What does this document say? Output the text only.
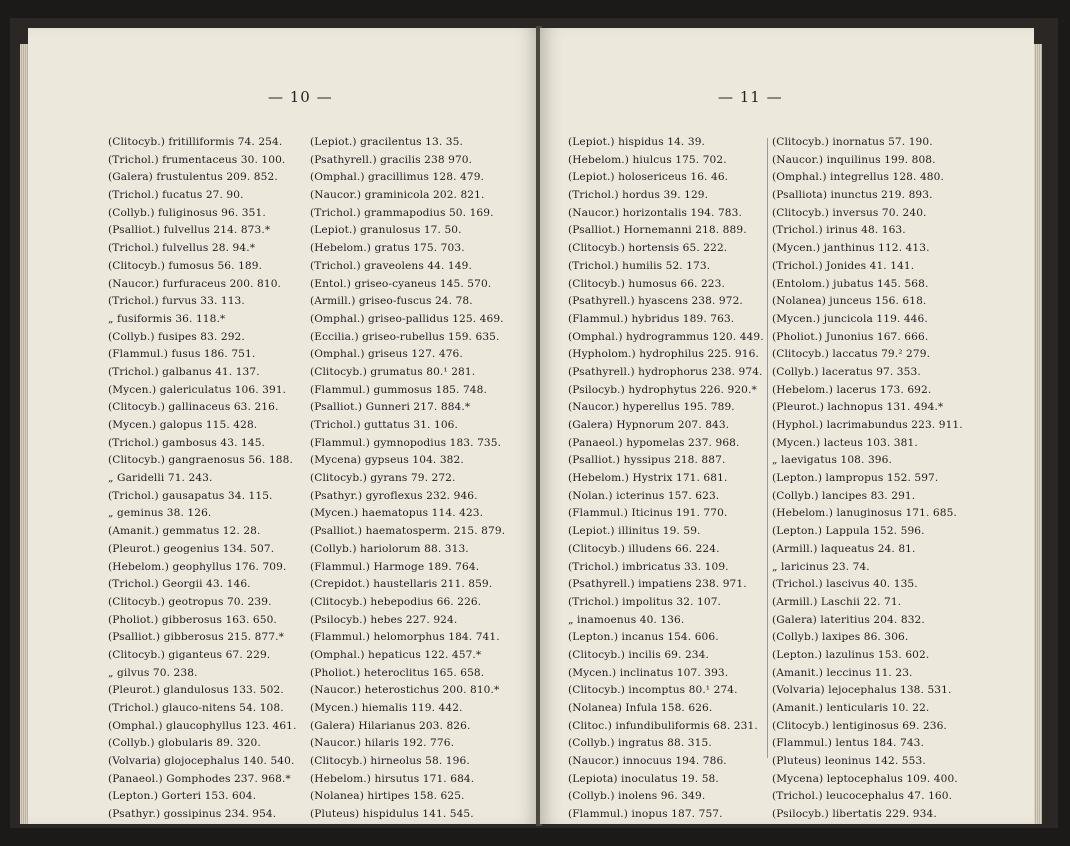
— 10 —
(Clitocyb.) fritilliformis 74. 254.
(Trichol.) frumentaceus 30. 100.
(Galera) frustulentus 209. 852.
(Trichol.) fucatus 27. 90.
(Collyb.) fuliginosus 96. 351.
(Psalliot.) fulvellus 214. 873.*
(Trichol.) fulvellus 28. 94.*
(Clitocyb.) fumosus 56. 189.
(Naucor.) furfuraceus 200. 810.
(Trichol.) furvus 33. 113.
„ fusiformis 36. 118.*
(Collyb.) fusipes 83. 292.
(Flammul.) fusus 186. 751.
(Trichol.) galbanus 41. 137.
(Mycen.) galericulatus 106. 391.
(Clitocyb.) gallinaceus 63. 216.
(Mycen.) galopus 115. 428.
(Trichol.) gambosus 43. 145.
(Clitocyb.) gangraenosus 56. 188.
„ Garidelli 71. 243.
(Trichol.) gausapatus 34. 115.
„ geminus 38. 126.
(Amanit.) gemmatus 12. 28.
(Pleurot.) geogenius 134. 507.
(Hebelom.) geophyllus 176. 709.
(Trichol.) Georgii 43. 146.
(Clitocyb.) geotropus 70. 239.
(Pholiot.) gibberosus 163. 650.
(Psalliot.) gibberosus 215. 877.*
(Clitocyb.) giganteus 67. 229.
„ gilvus 70. 238.
(Pleurot.) glandulosus 133. 502.
(Trichol.) glauco-nitens 54. 108.
(Omphal.) glaucophyllus 123. 461.
(Collyb.) globularis 89. 320.
(Volvaria) glojocephalus 140. 540.
(Panaeol.) Gomphodes 237. 968.*
(Lepton.) Gorteri 153. 604.
(Psathyr.) gossipinus 234. 954.
(Lepiot.) gracilentus 13. 35.
(Psathyrell.) gracilis 238 970.
(Omphal.) gracillimus 128. 479.
(Naucor.) graminicola 202. 821.
(Trichol.) grammapodius 50. 169.
(Lepiot.) granulosus 17. 50.
(Hebelom.) gratus 175. 703.
(Trichol.) graveolens 44. 149.
(Entol.) griseo-cyaneus 145. 570.
(Armill.) griseo-fuscus 24. 78.
(Omphal.) griseo-pallidus 125. 469.
(Eccilia.) griseo-rubellus 159. 635.
(Omphal.) griseus 127. 476.
(Clitocyb.) grumatus 80.¹ 281.
(Flammul.) gummosus 185. 748.
(Psalliot.) Gunneri 217. 884.*
(Trichol.) guttatus 31. 106.
(Flammul.) gymnopodius 183. 735.
(Mycena) gypseus 104. 382.
(Clitocyb.) gyrans 79. 272.
(Psathyr.) gyroflexus 232. 946.
(Mycen.) haematopus 114. 423.
(Psalliot.) haematosperm. 215. 879.
(Collyb.) hariolorum 88. 313.
(Flammul.) Harmoge 189. 764.
(Crepidot.) haustellaris 211. 859.
(Clitocyb.) hebepodius 66. 226.
(Psilocyb.) hebes 227. 924.
(Flammul.) helomorphus 184. 741.
(Omphal.) hepaticus 122. 457.*
(Pholiot.) heteroclitus 165. 658.
(Naucor.) heterostichus 200. 810.*
(Mycen.) hiemalis 119. 442.
(Galera) Hilarianus 203. 826.
(Naucor.) hilaris 192. 776.
(Clitocyb.) hirneolus 58. 196.
(Hebelom.) hirsutus 171. 684.
(Nolanea) hirtipes 158. 625.
(Pluteus) hispidulus 141. 545.
— 11 —
(Lepiot.) hispidus 14. 39.
(Hebelom.) hiulcus 175. 702.
(Lepiot.) holosericeus 16. 46.
(Trichol.) hordus 39. 129.
(Naucor.) horizontalis 194. 783.
(Psalliot.) Hornemanni 218. 889.
(Clitocyb.) hortensis 65. 222.
(Trichol.) humilis 52. 173.
(Clitocyb.) humosus 66. 223.
(Psathyrell.) hyascens 238. 972.
(Flammul.) hybridus 189. 763.
(Omphal.) hydrogrammus 120. 449.
(Hypholom.) hydrophilus 225. 916.
(Psathyrell.) hydrophorus 238. 974.
(Psilocyb.) hydrophytus 226. 920.*
(Naucor.) hyperellus 195. 789.
(Galera) Hypnorum 207. 843.
(Panaeol.) hypomelas 237. 968.
(Psalliot.) hyssipus 218. 887.
(Hebelom.) Hystrix 171. 681.
(Nolan.) icterinus 157. 623.
(Flammul.) Iticinus 191. 770.
(Lepiot.) illinitus 19. 59.
(Clitocyb.) illudens 66. 224.
(Trichol.) imbricatus 33. 109.
(Psathyrell.) impatiens 238. 971.
(Trichol.) impolitus 32. 107.
„ inamoenus 40. 136.
(Lepton.) incanus 154. 606.
(Clitocyb.) incilis 69. 234.
(Mycen.) inclinatus 107. 393.
(Clitocyb.) incomptus 80.¹ 274.
(Nolanea) Infula 158. 626.
(Clitoc.) infundibuliformis 68. 231.
(Collyb.) ingratus 88. 315.
(Naucor.) innocuus 194. 786.
(Lepiota) inoculatus 19. 58.
(Collyb.) inolens 96. 349.
(Flammul.) inopus 187. 757.
(Clitocyb.) inornatus 57. 190.
(Naucor.) inquilinus 199. 808.
(Omphal.) integrellus 128. 480.
(Psalliota) inunctus 219. 893.
(Clitocyb.) inversus 70. 240.
(Trichol.) irinus 48. 163.
(Mycen.) janthinus 112. 413.
(Trichol.) Jonides 41. 141.
(Entolom.) jubatus 145. 568.
(Nolanea) junceus 156. 618.
(Mycen.) juncicola 119. 446.
(Pholiot.) Junonius 167. 666.
(Clitocyb.) laccatus 79.² 279.
(Collyb.) laceratus 97. 353.
(Hebelom.) lacerus 173. 692.
(Pleurot.) lachnopus 131. 494.*
(Hyphol.) lacrimabundus 223. 911.
(Mycen.) lacteus 103. 381.
„ laevigatus 108. 396.
(Lepton.) lampropus 152. 597.
(Collyb.) lancipes 83. 291.
(Hebelom.) lanuginosus 171. 685.
(Lepton.) Lappula 152. 596.
(Armill.) laqueatus 24. 81.
„ laricinus 23. 74.
(Trichol.) lascivus 40. 135.
(Armill.) Laschii 22. 71.
(Galera) lateritius 204. 832.
(Collyb.) laxipes 86. 306.
(Lepton.) lazulinus 153. 602.
(Amanit.) leccinus 11. 23.
(Volvaria) lejocephalus 138. 531.
(Amanit.) lenticularis 10. 22.
(Clitocyb.) lentiginosus 69. 236.
(Flammul.) lentus 184. 743.
(Pluteus) leoninus 142. 553.
(Mycena) leptocephalus 109. 400.
(Trichol.) leucocephalus 47. 160.
(Psilocyb.) libertatis 229. 934.
